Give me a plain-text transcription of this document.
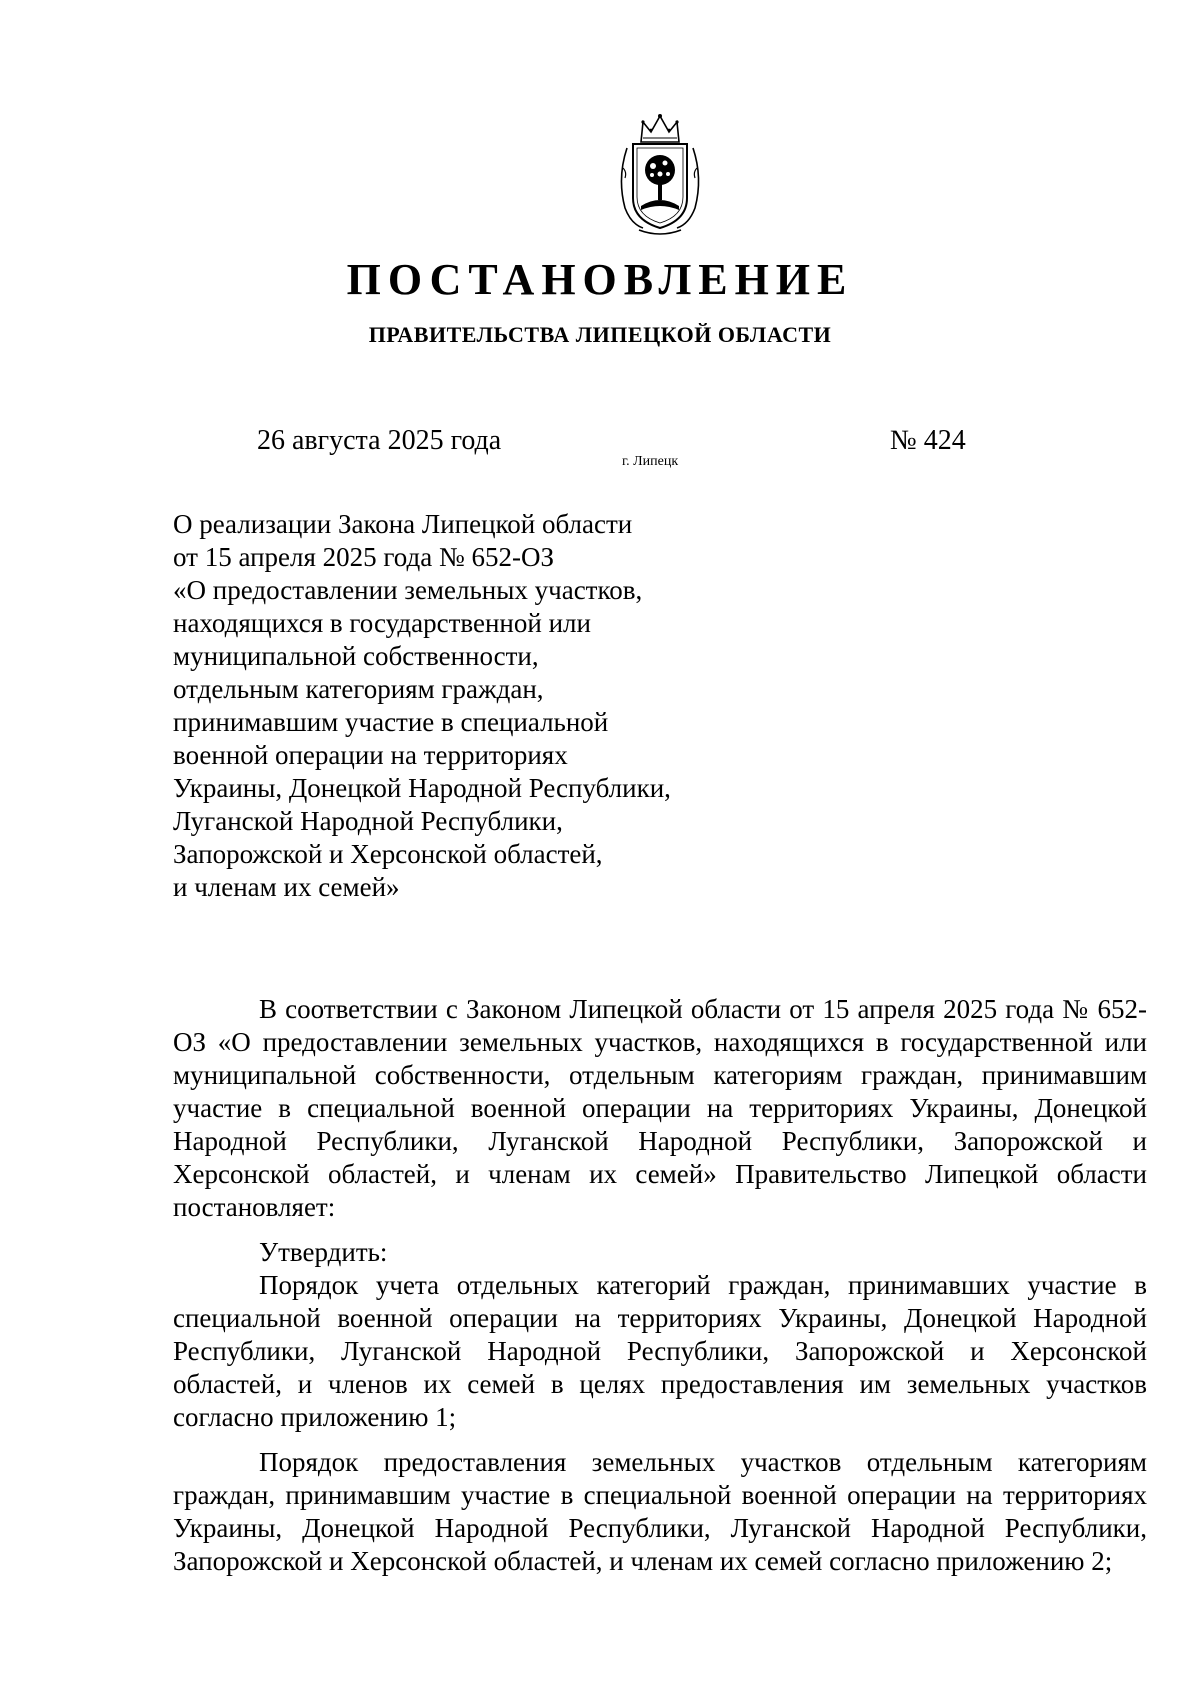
ПОСТАНОВЛЕНИЕ
ПРАВИТЕЛЬСТВА ЛИПЕЦКОЙ ОБЛАСТИ
26 августа 2025 года
г. Липецк
№ 424
О реализации Закона Липецкой области
от 15 апреля 2025 года № 652-ОЗ
«О предоставлении земельных участков,
находящихся в государственной или
муниципальной собственности,
отдельным категориям граждан,
принимавшим участие в специальной
военной операции на территориях
Украины, Донецкой Народной Республики,
Луганской Народной Республики,
Запорожской и Херсонской областей,
и членам их семей»

В соответствии с Законом Липецкой области от 15 апреля 2025 года № 652-ОЗ «О предоставлении земельных участков, находящихся в государственной или муниципальной собственности, отдельным категориям граждан, принимавшим участие в специальной военной операции на территориях Украины, Донецкой Народной Республики, Луганской Народной Республики, Запорожской и Херсонской областей, и членам их семей» Правительство Липецкой области постановляет:

Утвердить:

Порядок учета отдельных категорий граждан, принимавших участие в специальной военной операции на территориях Украины, Донецкой Народной Республики, Луганской Народной Республики, Запорожской и Херсонской областей, и членов их семей в целях предоставления им земельных участков согласно приложению 1;

Порядок предоставления земельных участков отдельным категориям граждан, принимавшим участие в специальной военной операции на территориях Украины, Донецкой Народной Республики, Луганской Народной Республики, Запорожской и Херсонской областей, и членам их семей согласно приложению 2;
